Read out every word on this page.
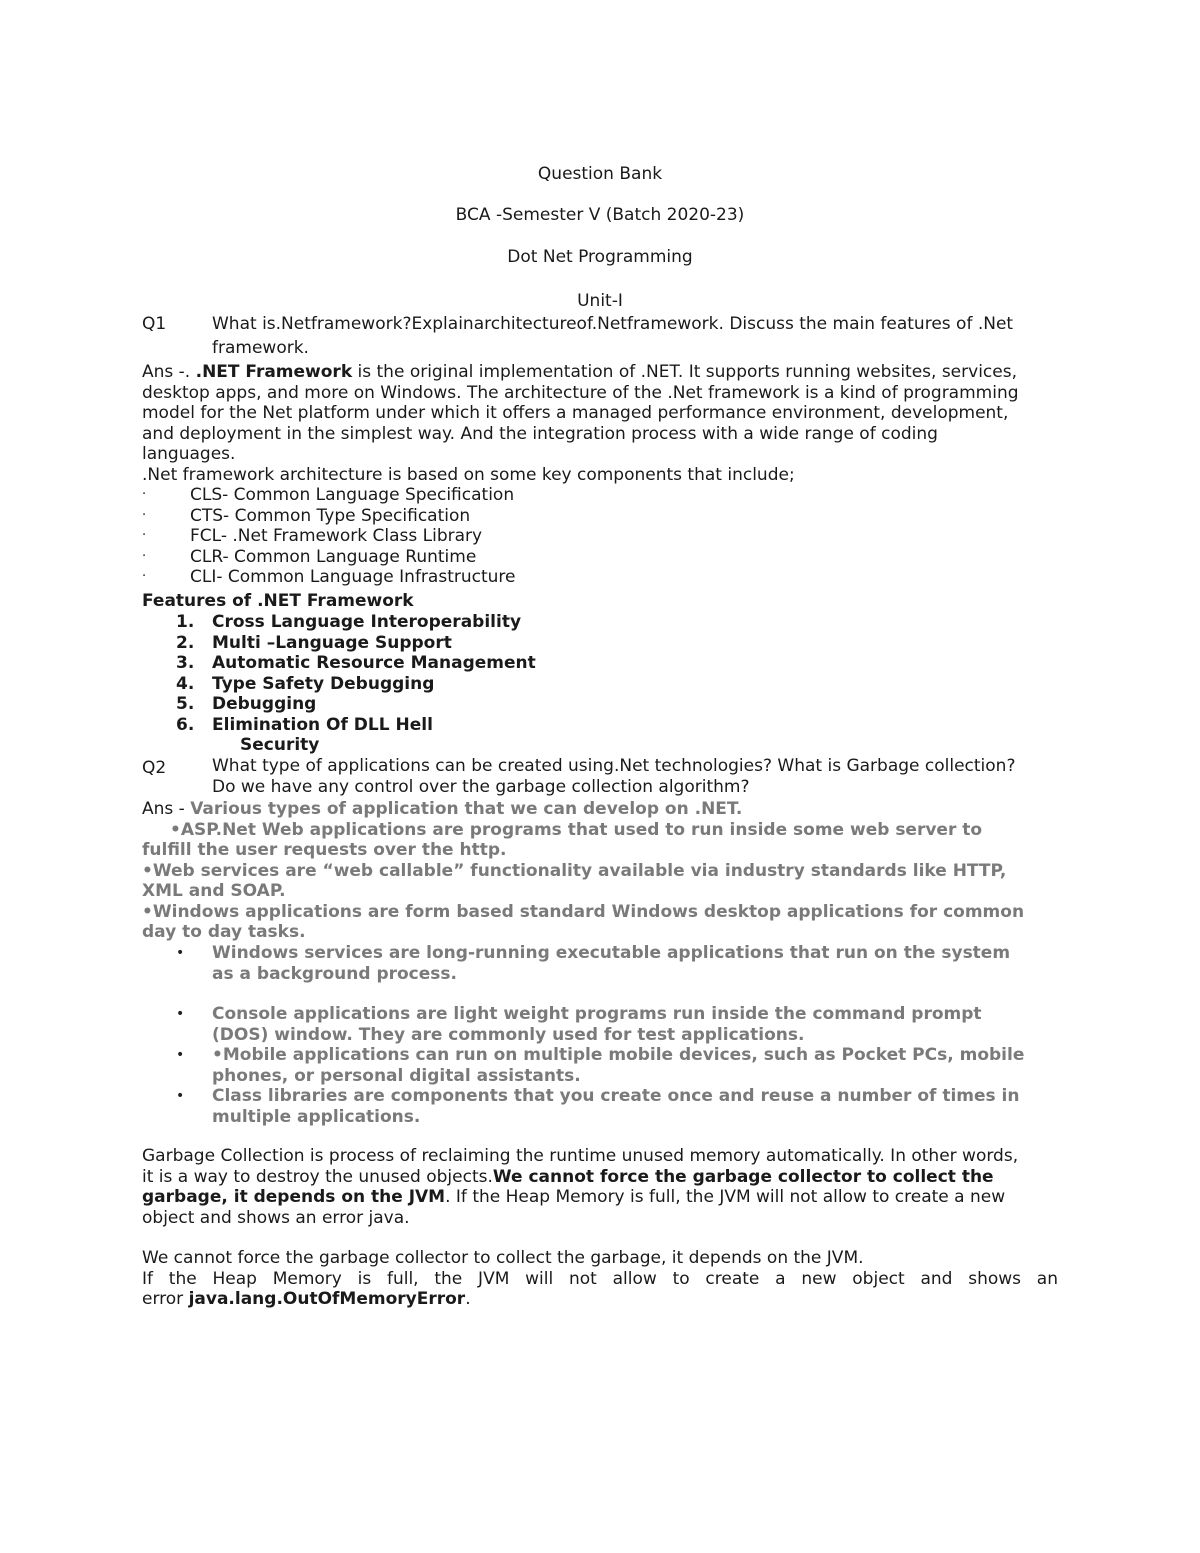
Question Bank
BCA -Semester V (Batch 2020-23)
Dot Net Programming
Unit-I
Q1	What is.Netframework?Explainarchitectureof.Netframework. Discuss the main features of .Net
framework.
Ans -. .NET Framework is the original implementation of .NET. It supports running websites, services,
desktop apps, and more on Windows. The architecture of the .Net framework is a kind of programming
model for the Net platform under which it offers a managed performance environment, development,
and deployment in the simplest way. And the integration process with a wide range of coding
languages.
.Net framework architecture is based on some key components that include;
·	CLS- Common Language Specification
·	CTS- Common Type Specification
·	FCL- .Net Framework Class Library
·	CLR- Common Language Runtime
·	CLI- Common Language Infrastructure
Features of .NET Framework
1. Cross Language Interoperability
2. Multi –Language Support
3. Automatic Resource Management
4. Type Safety Debugging
5. Debugging
6. Elimination Of DLL Hell
Security
Q2	What type of applications can be created using.Net technologies? What is Garbage collection?
Do we have any control over the garbage collection algorithm?
Ans - Various types of application that we can develop on .NET.
•ASP.Net Web applications are programs that used to run inside some web server to
fulfill the user requests over the http.
•Web services are “web callable” functionality available via industry standards like HTTP,
XML and SOAP.
•Windows applications are form based standard Windows desktop applications for common
day to day tasks.
• Windows services are long-running executable applications that run on the system
as a background process.
• Console applications are light weight programs run inside the command prompt
(DOS) window. They are commonly used for test applications.
• •Mobile applications can run on multiple mobile devices, such as Pocket PCs, mobile
phones, or personal digital assistants.
• Class libraries are components that you create once and reuse a number of times in
multiple applications.
Garbage Collection is process of reclaiming the runtime unused memory automatically. In other words,
it is a way to destroy the unused objects.We cannot force the garbage collector to collect the
garbage, it depends on the JVM. If the Heap Memory is full, the JVM will not allow to create a new
object and shows an error java.
We cannot force the garbage collector to collect the garbage, it depends on the JVM.
If the Heap Memory is full, the JVM will not allow to create a new object and shows an
error java.lang.OutOfMemoryError.
